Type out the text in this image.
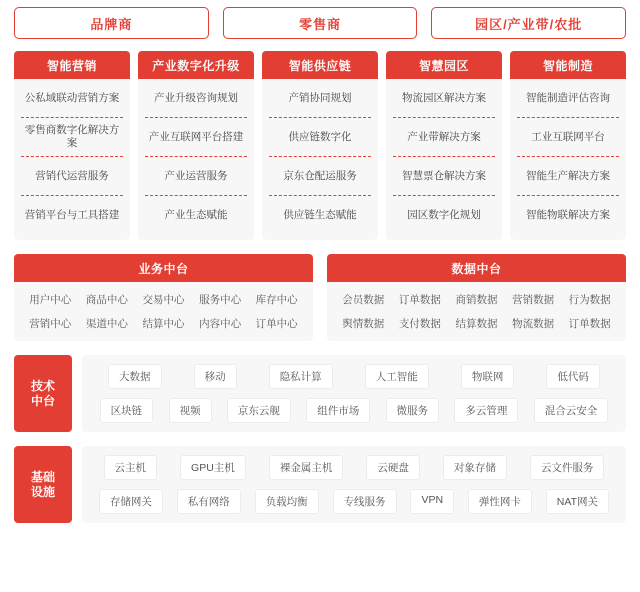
品牌商	零售商	园区/产业带/农批
智能营销
公私域联动营销方案
零售商数字化解决方案
营销代运营服务
营销平台与工具搭建
产业数字化升级
产业升级咨询规划
产业互联网平台搭建
产业运营服务
产业生态赋能
智能供应链
产销协同规划
供应链数字化
京东仓配运服务
供应链生态赋能
智慧园区
物流园区解决方案
产业带解决方案
智慧票仓解决方案
园区数字化规划
智能制造
智能制造评估咨询
工业互联网平台
智能生产解决方案
智能物联解决方案
业务中台
用户中⼼	商品中⼼	交易中⼼	服务中⼼	库存中⼼
营销中⼼	渠道中⼼	结算中⼼	内容中⼼	订单中⼼
数据中台
会员数据	订单数据	商销数据	营销数据	行为数据
舆情数据	支付数据	结算数据	物流数据	订单数据
技术
中台
大数据	移动	隐私计算	人工智能	物联网	低代码
区块链	视频	京东云舰	组件市场	微服务	多云管理	混合云安全
基础
设施
云主机	GPU主机	裸金属主机	云硬盘	对象存储	云文件服务
存储网关	私有网络	负载均衡	专线服务	VPN	弹性网卡	NAT网关
